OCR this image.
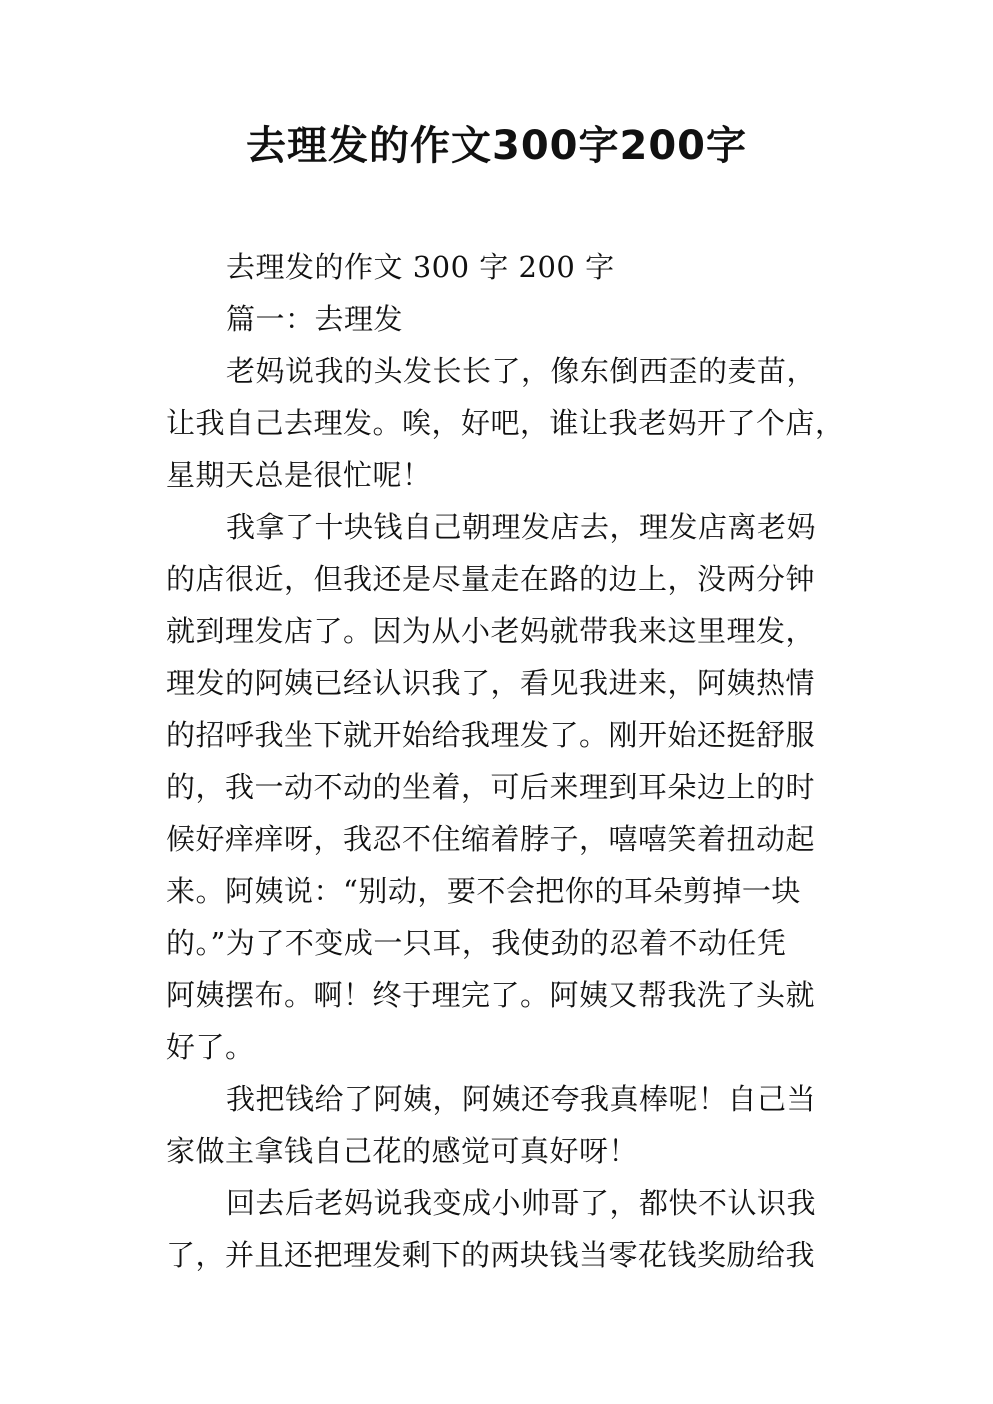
去理发的作文300字200字

去理发的作文 300 字 200 字

篇一：去理发

老妈说我的头发长长了，像东倒西歪的麦苗，
让我自己去理发。唉，好吧，谁让我老妈开了个店，
星期天总是很忙呢！

我拿了十块钱自己朝理发店去，理发店离老妈
的店很近，但我还是尽量走在路的边上，没两分钟
就到理发店了。因为从小老妈就带我来这里理发，
理发的阿姨已经认识我了，看见我进来，阿姨热情
的招呼我坐下就开始给我理发了。刚开始还挺舒服
的，我一动不动的坐着，可后来理到耳朵边上的时
候好痒痒呀，我忍不住缩着脖子，嘻嘻笑着扭动起
来。阿姨说：“别动，要不会把你的耳朵剪掉一块
的。”为了不变成一只耳，我使劲的忍着不动任凭
阿姨摆布。啊！终于理完了。阿姨又帮我洗了头就
好了。

我把钱给了阿姨，阿姨还夸我真棒呢！自己当
家做主拿钱自己花的感觉可真好呀！

回去后老妈说我变成小帅哥了，都快不认识我
了，并且还把理发剩下的两块钱当零花钱奖励给我
